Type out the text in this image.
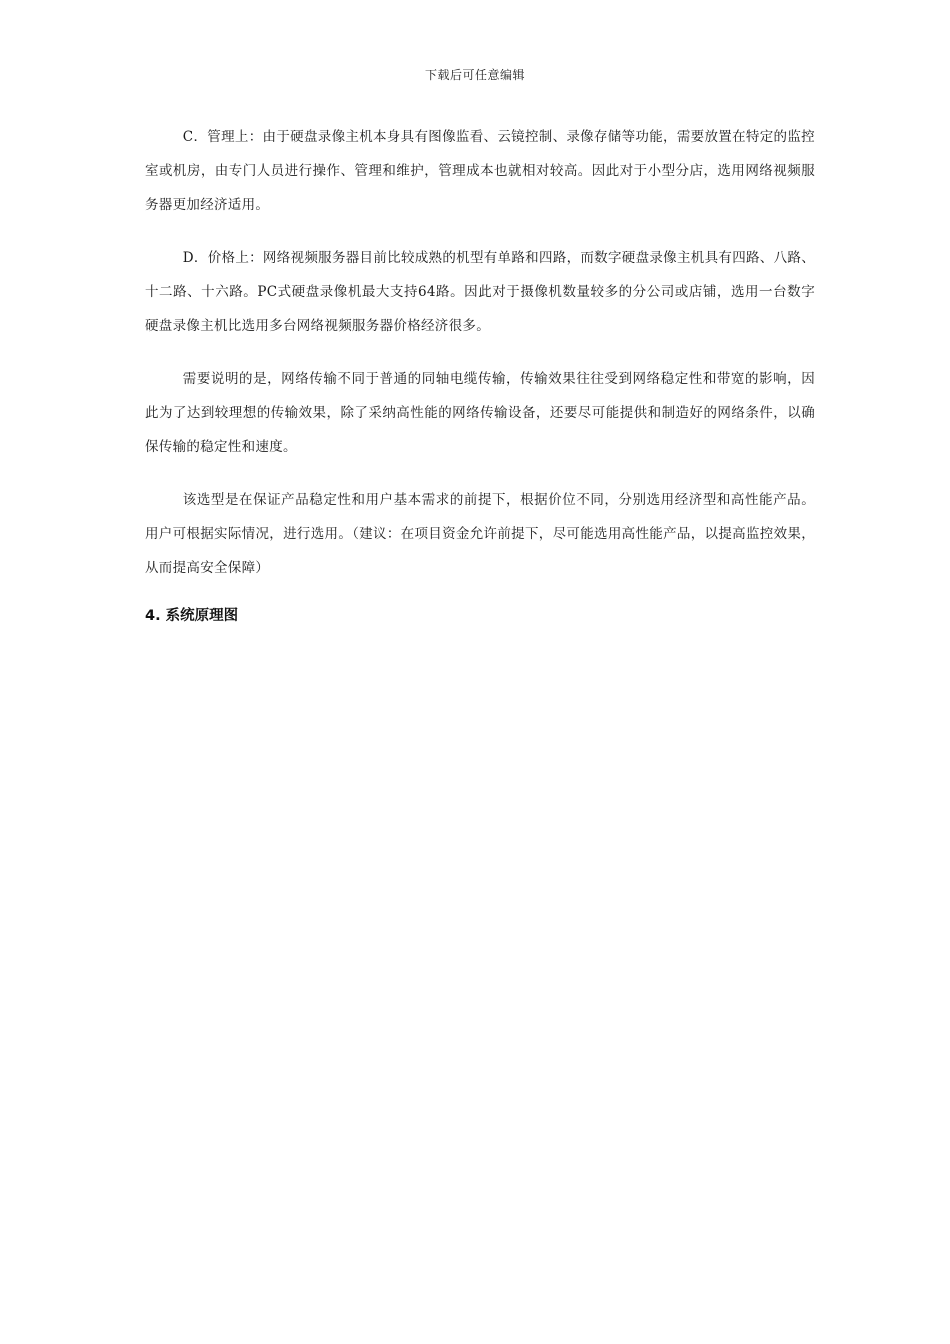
下载后可任意编辑

C．管理上：由于硬盘录像主机本身具有图像监看、云镜控制、录像存储等功能，需要放置在特定的监控室或机房，由专门人员进行操作、管理和维护，管理成本也就相对较高。因此对于小型分店，选用网络视频服务器更加经济适用。

D．价格上：网络视频服务器目前比较成熟的机型有单路和四路，而数字硬盘录像主机具有四路、八路、十二路、十六路。PC式硬盘录像机最大支持64路。因此对于摄像机数量较多的分公司或店铺，选用一台数字硬盘录像主机比选用多台网络视频服务器价格经济很多。

需要说明的是，网络传输不同于普通的同轴电缆传输，传输效果往往受到网络稳定性和带宽的影响，因此为了达到较理想的传输效果，除了采纳高性能的网络传输设备，还要尽可能提供和制造好的网络条件，以确保传输的稳定性和速度。

该选型是在保证产品稳定性和用户基本需求的前提下，根据价位不同，分别选用经济型和高性能产品。用户可根据实际情况，进行选用。（建议：在项目资金允许前提下，尽可能选用高性能产品，以提高监控效果，从而提高安全保障）

4. 系统原理图
